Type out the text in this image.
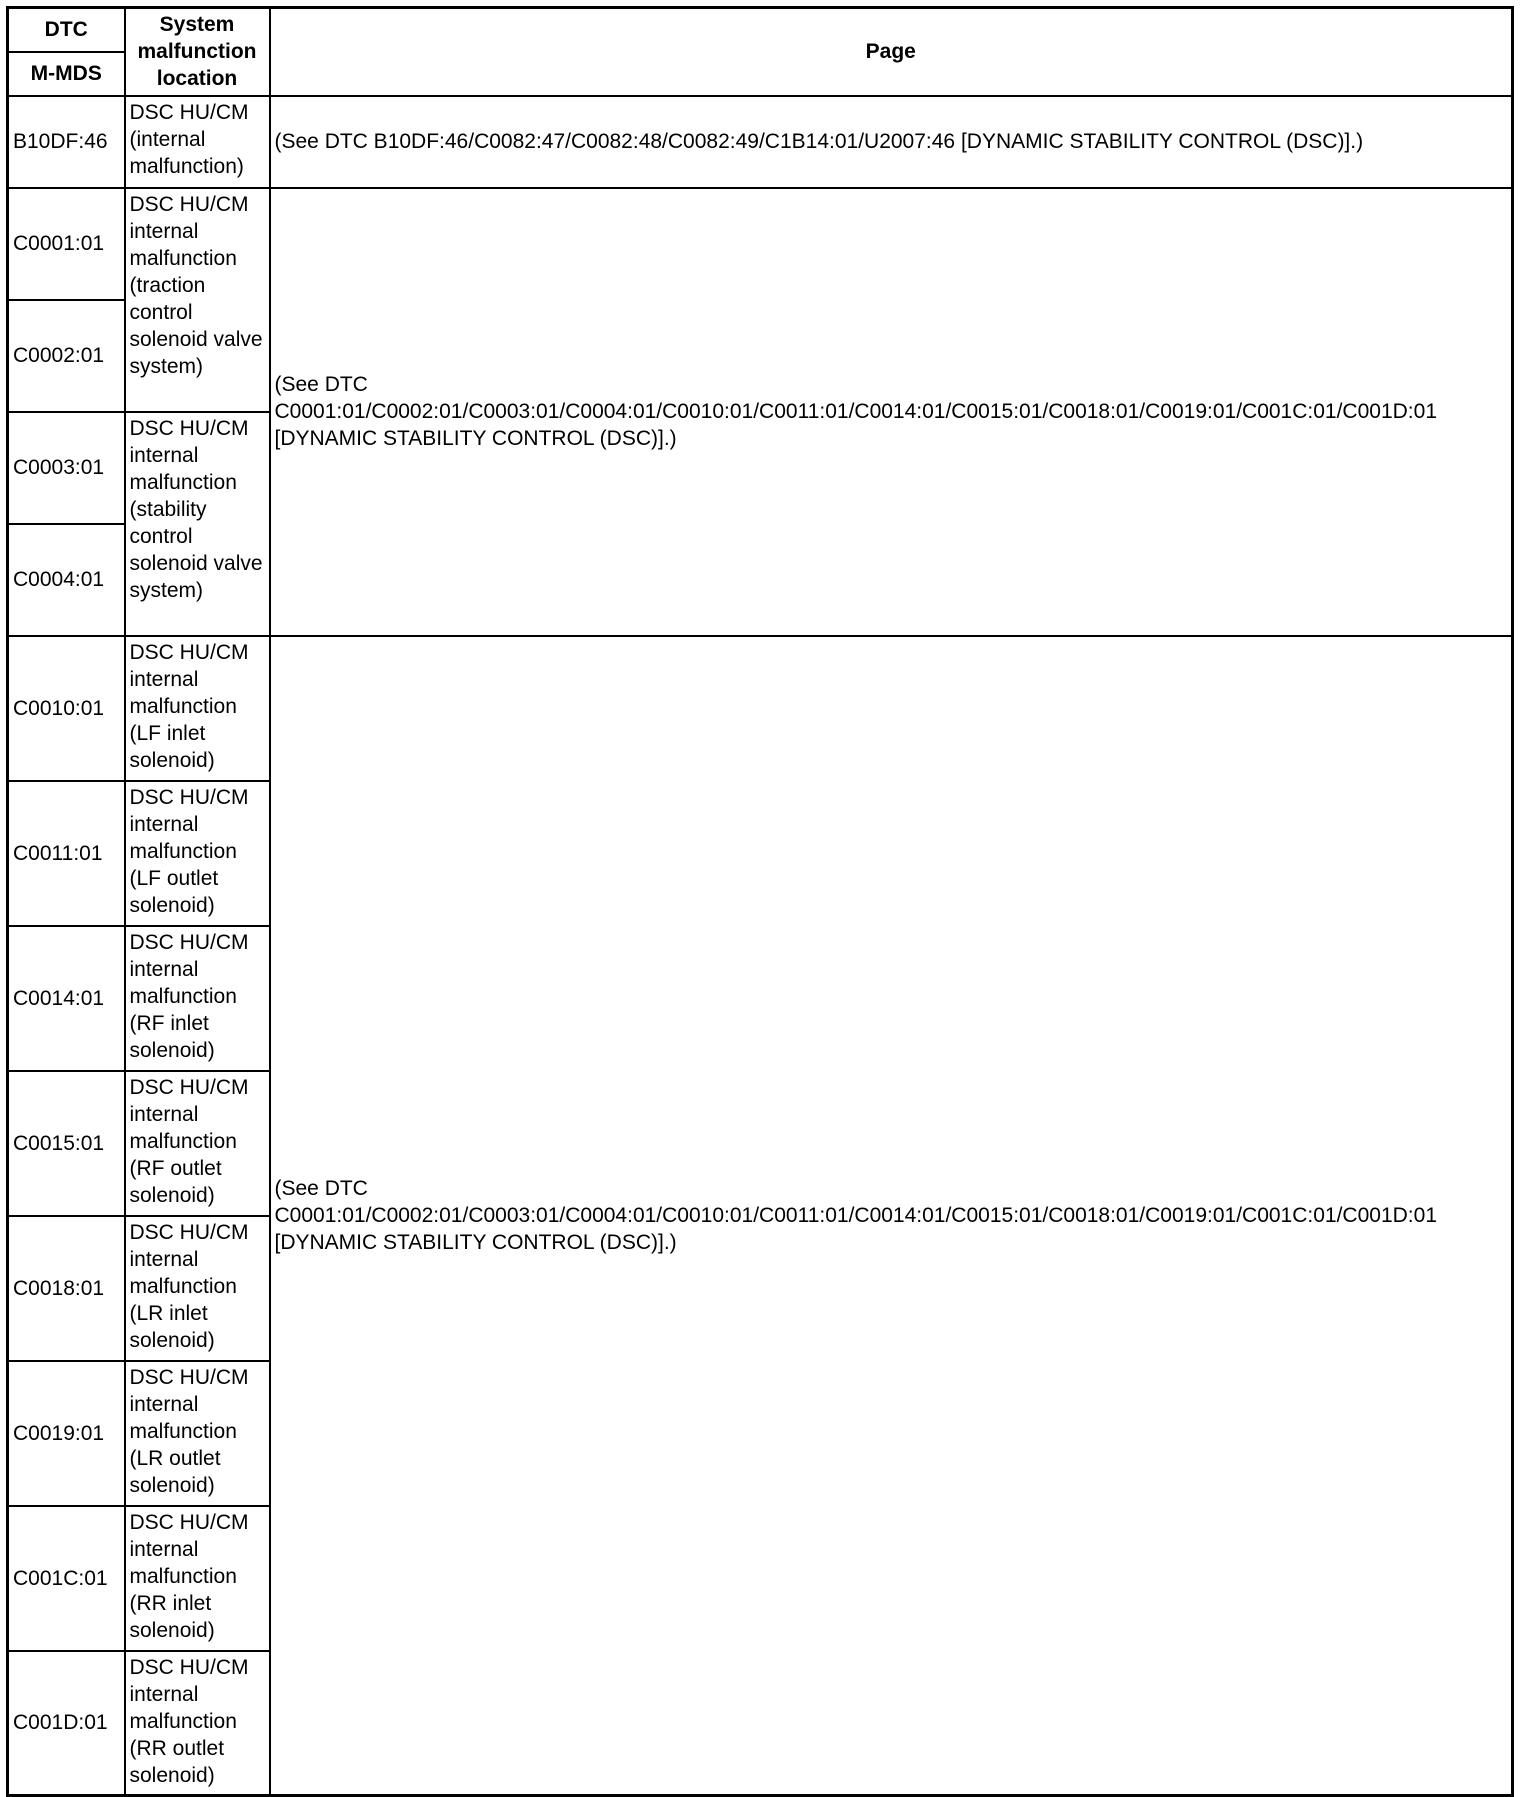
DTC	System malfunction location	Page
M-MDS		
B10DF:46	DSC HU/CM (internal malfunction)	(See DTC B10DF:46/C0082:47/C0082:48/C0082:49/C1B14:01/U2007:46 [DYNAMIC STABILITY CONTROL (DSC)].)
C0001:01	DSC HU/CM internal malfunction (traction control solenoid valve system)	(See DTC C0001:01/C0002:01/C0003:01/C0004:01/C0010:01/C0011:01/C0014:01/C0015:01/C0018:01/C0019:01/C001C:01/C001D:01 [DYNAMIC STABILITY CONTROL (DSC)].)
C0002:01		
C0003:01	DSC HU/CM internal malfunction (stability control solenoid valve system)	
C0004:01		
C0010:01	DSC HU/CM internal malfunction (LF inlet solenoid)	(See DTC C0001:01/C0002:01/C0003:01/C0004:01/C0010:01/C0011:01/C0014:01/C0015:01/C0018:01/C0019:01/C001C:01/C001D:01 [DYNAMIC STABILITY CONTROL (DSC)].)
C0011:01	DSC HU/CM internal malfunction (LF outlet solenoid)	
C0014:01	DSC HU/CM internal malfunction (RF inlet solenoid)	
C0015:01	DSC HU/CM internal malfunction (RF outlet solenoid)	
C0018:01	DSC HU/CM internal malfunction (LR inlet solenoid)	
C0019:01	DSC HU/CM internal malfunction (LR outlet solenoid)	
C001C:01	DSC HU/CM internal malfunction (RR inlet solenoid)	
C001D:01	DSC HU/CM internal malfunction (RR outlet solenoid)	
